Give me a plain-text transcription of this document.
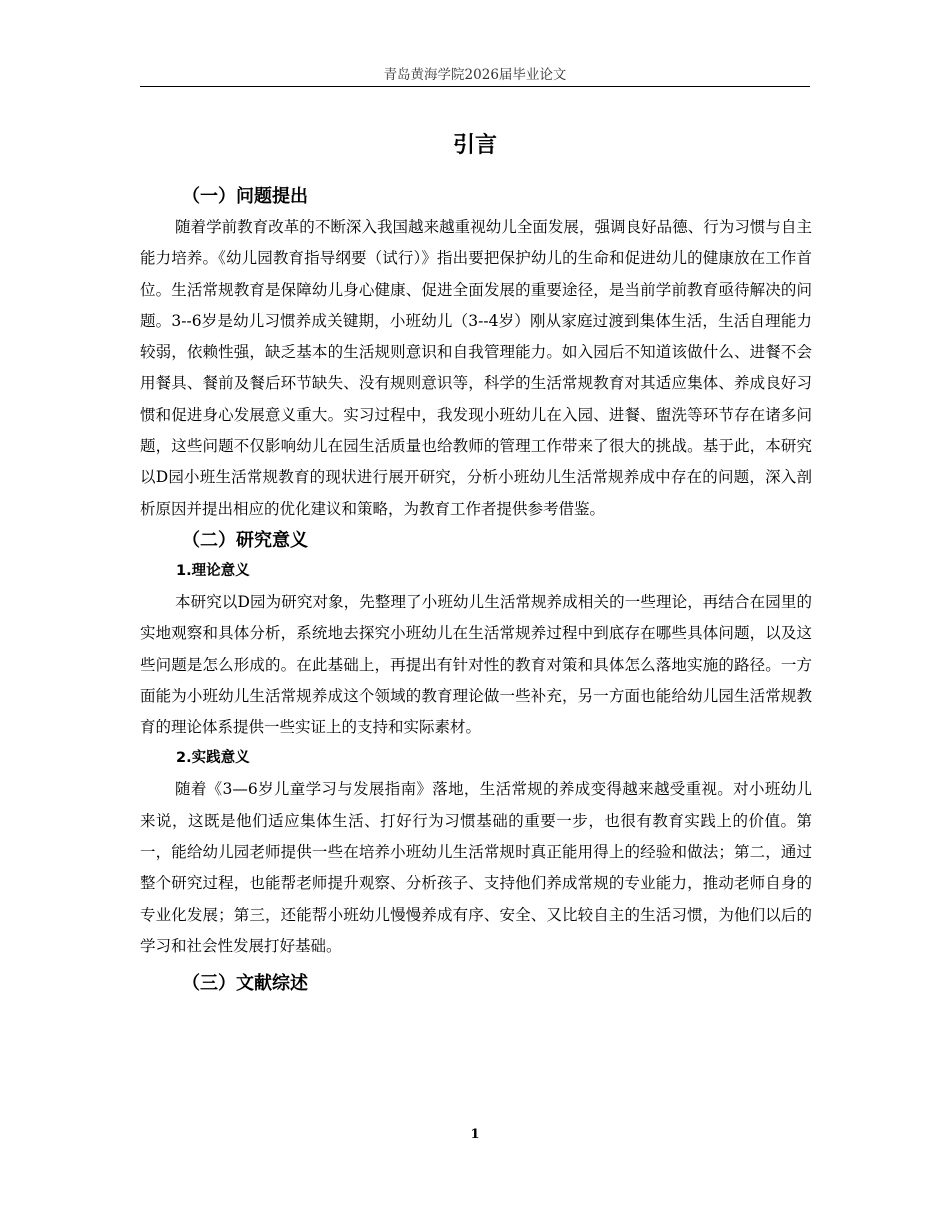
青岛黄海学院2026届毕业论文
引言
（一）问题提出

随着学前教育改革的不断深入我国越来越重视幼儿全面发展，强调良好品德、行为习惯与自主能力培养。《幼儿园教育指导纲要（试行）》指出要把保护幼儿的生命和促进幼儿的健康放在工作首位。生活常规教育是保障幼儿身心健康、促进全面发展的重要途径，是当前学前教育亟待解决的问题。3--6岁是幼儿习惯养成关键期，小班幼儿（3--4岁）刚从家庭过渡到集体生活，生活自理能力较弱，依赖性强，缺乏基本的生活规则意识和自我管理能力。如入园后不知道该做什么、进餐不会用餐具、餐前及餐后环节缺失、没有规则意识等，科学的生活常规教育对其适应集体、养成良好习惯和促进身心发展意义重大。实习过程中，我发现小班幼儿在入园、进餐、盥洗等环节存在诸多问题，这些问题不仅影响幼儿在园生活质量也给教师的管理工作带来了很大的挑战。基于此，本研究以D园小班生活常规教育的现状进行展开研究，分析小班幼儿生活常规养成中存在的问题，深入剖析原因并提出相应的优化建议和策略，为教育工作者提供参考借鉴。

（二）研究意义
1.理论意义

本研究以D园为研究对象，先整理了小班幼儿生活常规养成相关的一些理论，再结合在园里的实地观察和具体分析，系统地去探究小班幼儿在生活常规养过程中到底存在哪些具体问题，以及这些问题是怎么形成的。在此基础上，再提出有针对性的教育对策和具体怎么落地实施的路径。一方面能为小班幼儿生活常规养成这个领域的教育理论做一些补充，另一方面也能给幼儿园生活常规教育的理论体系提供一些实证上的支持和实际素材。

2.实践意义

随着《3—6岁儿童学习与发展指南》落地，生活常规的养成变得越来越受重视。对小班幼儿来说，这既是他们适应集体生活、打好行为习惯基础的重要一步，也很有教育实践上的价值。第一，能给幼儿园老师提供一些在培养小班幼儿生活常规时真正能用得上的经验和做法；第二，通过整个研究过程，也能帮老师提升观察、分析孩子、支持他们养成常规的专业能力，推动老师自身的专业化发展；第三，还能帮小班幼儿慢慢养成有序、安全、又比较自主的生活习惯，为他们以后的学习和社会性发展打好基础。

（三）文献综述
1
